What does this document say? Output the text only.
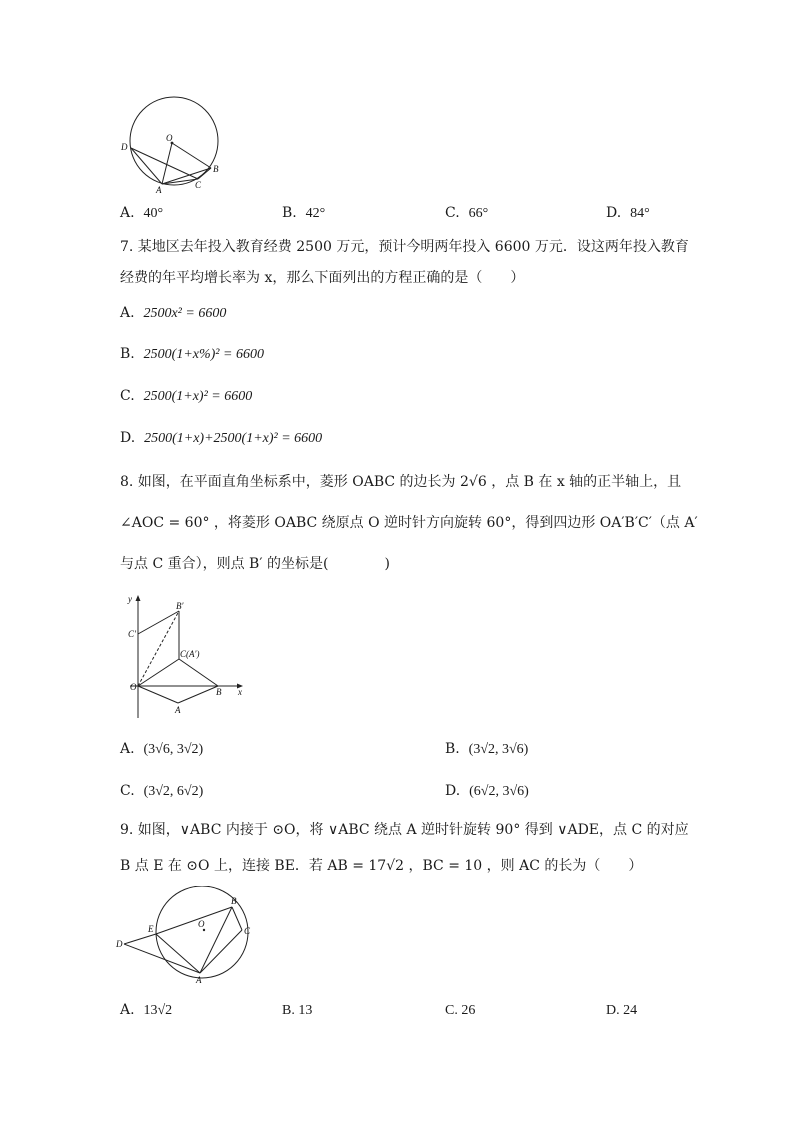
O
D
B
C
A
A. 40°	B. 42°	C. 66°	D. 84°
7. 某地区去年投入教育经费 2500 万元，预计今明两年投入 6600 万元．设这两年投入教育
经费的年平均增长率为 x，那么下面列出的方程正确的是（　　）
A. 2500x² = 6600
B. 2500(1+x%)² = 6600
C. 2500(1+x)² = 6600
D. 2500(1+x)+2500(1+x)² = 6600
8. 如图，在平面直角坐标系中，菱形 OABC 的边长为 2√6 ，点 B 在 x 轴的正半轴上，且
∠AOC = 60° ，将菱形 OABC 绕原点 O 逆时针方向旋转 60°，得到四边形 OA′B′C′（点 A′
与点 C 重合），则点 B′ 的坐标是(　　　　)
y
x
B′
C′
C(A′)
O	B
A
A. (3√6, 3√2)	B. (3√2, 3√6)
C. (3√2, 6√2)	D. (6√2, 3√6)
9. 如图，∨ABC 内接于 ⊙O，将 ∨ABC 绕点 A 逆时针旋转 90° 得到 ∨ADE，点 C 的对应
B 点 E 在 ⊙O 上，连接 BE．若 AB = 17√2 ，BC = 10 ，则 AC 的长为（　　）
B
E	O
C
D
A
A. 13√2	B. 13	C. 26	D. 24
